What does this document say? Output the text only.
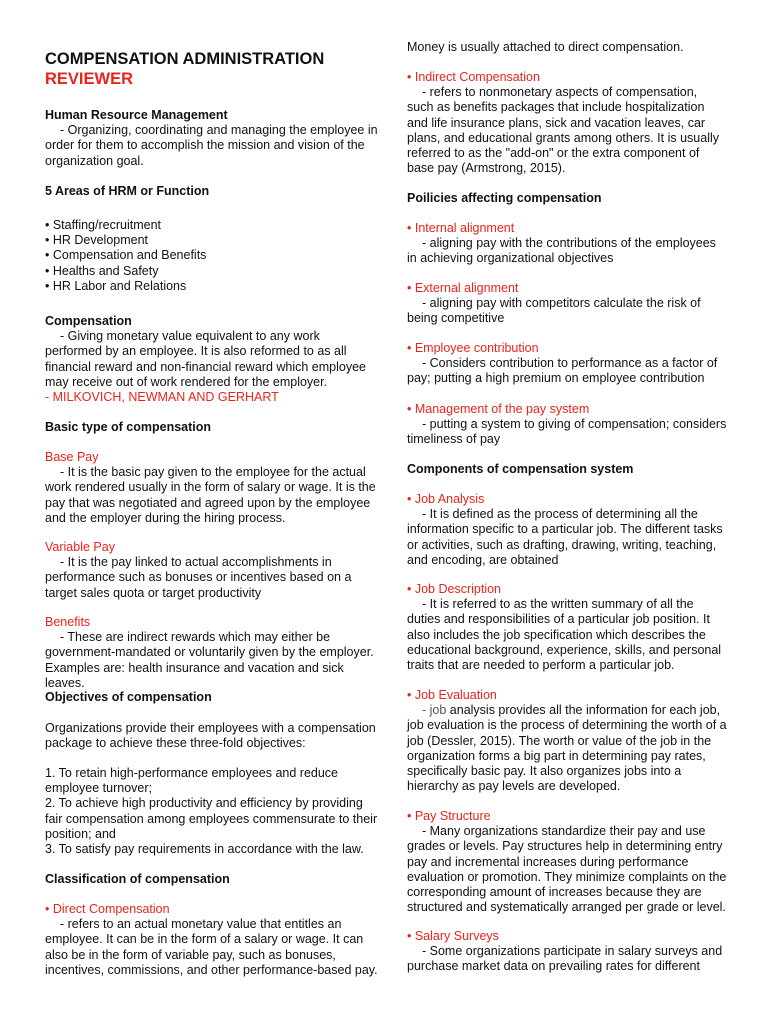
COMPENSATION ADMINISTRATION
REVIEWER

Human Resource Management

- Organizing, coordinating and managing the employee in order for them to accomplish the mission and vision of the organization goal.

5 Areas of HRM or Function

• Staffing/recruitment

• HR Development

• Compensation and Benefits

• Healths and Safety

• HR Labor and Relations

Compensation

- Giving monetary value equivalent to any work performed by an employee. It is also reformed to as all financial reward and non-financial reward which employee may receive out of work rendered for the employer.

- MILKOVICH, NEWMAN AND GERHART

Basic type of compensation

Base Pay

- It is the basic pay given to the employee for the actual work rendered usually in the form of salary or wage. It is the pay that was negotiated and agreed upon by the employee and the employer during the hiring process.

Variable Pay

- It is the pay linked to actual accomplishments in performance such as bonuses or incentives based on a target sales quota or target productivity

Benefits

- These are indirect rewards which may either be government-mandated or voluntarily given by the employer. Examples are: health insurance and vacation and sick leaves.

Objectives of compensation

Organizations provide their employees with a compensation package to achieve these three-fold objectives:

1. To retain high-performance employees and reduce employee turnover;
2. To achieve high productivity and efficiency by providing fair compensation among employees commensurate to their position; and
3. To satisfy pay requirements in accordance with the law.

Classification of compensation

• Direct Compensation

- refers to an actual monetary value that entitles an employee. It can be in the form of a salary or wage. It can also be in the form of variable pay, such as bonuses, incentives, commissions, and other performance-based pay.

Money is usually attached to direct compensation.

• Indirect Compensation

- refers to nonmonetary aspects of compensation, such as benefits packages that include hospitalization and life insurance plans, sick and vacation leaves, car plans, and educational grants among others. It is usually referred to as the "add-on" or the extra component of base pay (Armstrong, 2015).

Poilicies affecting compensation

• Internal alignment

- aligning pay with the contributions of the employees in achieving organizational objectives

• External alignment

- aligning pay with competitors calculate the risk of being competitive

• Employee contribution

- Considers contribution to performance as a factor of pay; putting a high premium on employee contribution

• Management of the pay system

- putting a system to giving of compensation; considers timeliness of pay

Components of compensation system

• Job Analysis

- It is defined as the process of determining all the information specific to a particular job. The different tasks or activities, such as drafting, drawing, writing, teaching, and encoding, are obtained

• Job Description

- It is referred to as the written summary of all the duties and responsibilities of a particular job position. It also includes the job specification which describes the educational background, experience, skills, and personal traits that are needed to perform a particular job.

• Job Evaluation

- job analysis provides all the information for each job, job evaluation is the process of determining the worth of a job (Dessler, 2015). The worth or value of the job in the organization forms a big part in determining pay rates, specifically basic pay. It also organizes jobs into a hierarchy as pay levels are developed.

• Pay Structure

- Many organizations standardize their pay and use grades or levels. Pay structures help in determining entry pay and incremental increases during performance evaluation or promotion. They minimize complaints on the corresponding amount of increases because they are structured and systematically arranged per grade or level.

• Salary Surveys

- Some organizations participate in salary surveys and purchase market data on prevailing rates for different
